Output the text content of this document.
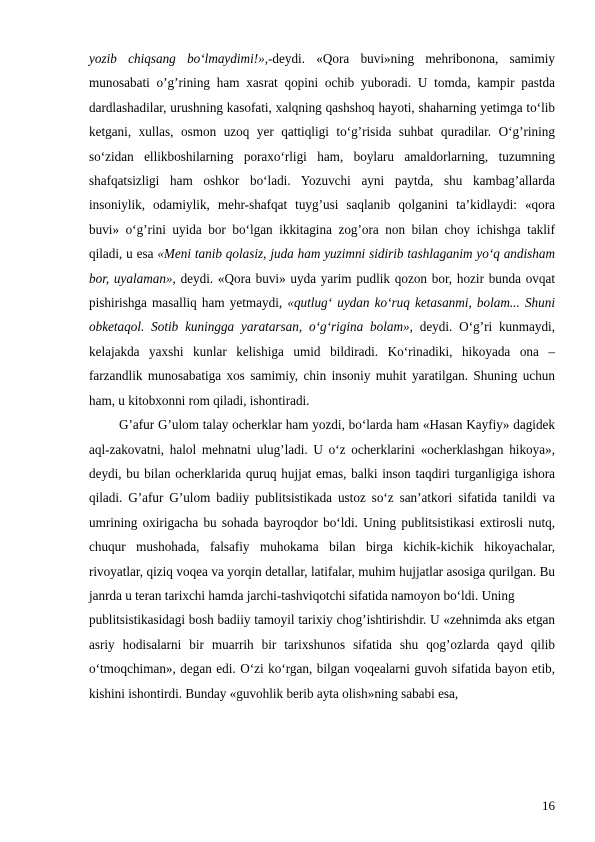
yozib chiqsang bo‘lmaydimi!»,-deydi. «Qora buvi»ning mehribonona, samimiy munosabati o’g’rining ham xasrat qopini ochib yuboradi. U tomda, kampir pastda dardlashadilar, urushning kasofati, xalqning qashshoq hayoti, shaharning yetimga to‘lib ketgani, xullas, osmon uzoq yer qattiqligi to‘g’risida suhbat quradilar. O‘g’rining so‘zidan ellikboshilarning poraxo‘rligi ham, boylaru amaldorlarning, tuzumning shafqatsizligi ham oshkor bo‘ladi. Yozuvchi ayni paytda, shu kambag’allarda insoniylik, odamiylik, mehr-shafqat tuyg’usi saqlanib qolganini ta’kidlaydi: «qora buvi» o‘g’rini uyida bor bo‘lgan ikkitagina zog’ora non bilan choy ichishga taklif qiladi, u esa «Meni tanib qolasiz, juda ham yuzimni sidirib tashlaganim yo‘q andisham bor, uyalaman», deydi. «Qora buvi» uyda yarim pudlik qozon bor, hozir bunda ovqat pishirishga masalliq ham yetmaydi, «qutlug‘ uydan ko‘ruq ketasanmi, bolam... Shuni obketaqol. Sotib kuningga yaratarsan, o‘g‘rigina bolam», deydi. O‘g’ri kunmaydi, kelajakda yaxshi kunlar kelishiga umid bildiradi. Ko‘rinadiki, hikoyada ona – farzandlik munosabatiga xos samimiy, chin insoniy muhit yaratilgan. Shuning uchun ham, u kitobxonni rom qiladi, ishontiradi.

G’afur G’ulom talay ocherklar ham yozdi, bo‘larda ham «Hasan Kayfiy» dagidek aql-zakovatni, halol mehnatni ulug’ladi. U o‘z ocherklarini «ocherklashgan hikoya», deydi, bu bilan ocherklarida quruq hujjat emas, balki inson taqdiri turganligiga ishora qiladi. G’afur G’ulom badiiy publitsistikada ustoz so‘z san’atkori sifatida tanildi va umrining oxirigacha bu sohada bayroqdor bo‘ldi. Uning publitsistikasi extirosli nutq, chuqur mushohada, falsafiy muhokama bilan birga kichik-kichik hikoyachalar, rivoyatlar, qiziq voqea va yorqin detallar, latifalar, muhim hujjatlar asosiga qurilgan. Bu janrda u teran tarixchi hamda jarchi-tashviqotchi sifatida namoyon bo‘ldi. Uning

publitsistikasidagi bosh badiiy tamoyil tarixiy chog’ishtirishdir. U «zehnimda aks etgan asriy hodisalarni bir muarrih bir tarixshunos sifatida shu qog’ozlarda qayd qilib o‘tmoqchiman», degan edi. O‘zi ko‘rgan, bilgan voqealarni guvoh sifatida bayon etib, kishini ishontirdi. Bunday «guvohlik berib ayta olish»ning sababi esa,

16
